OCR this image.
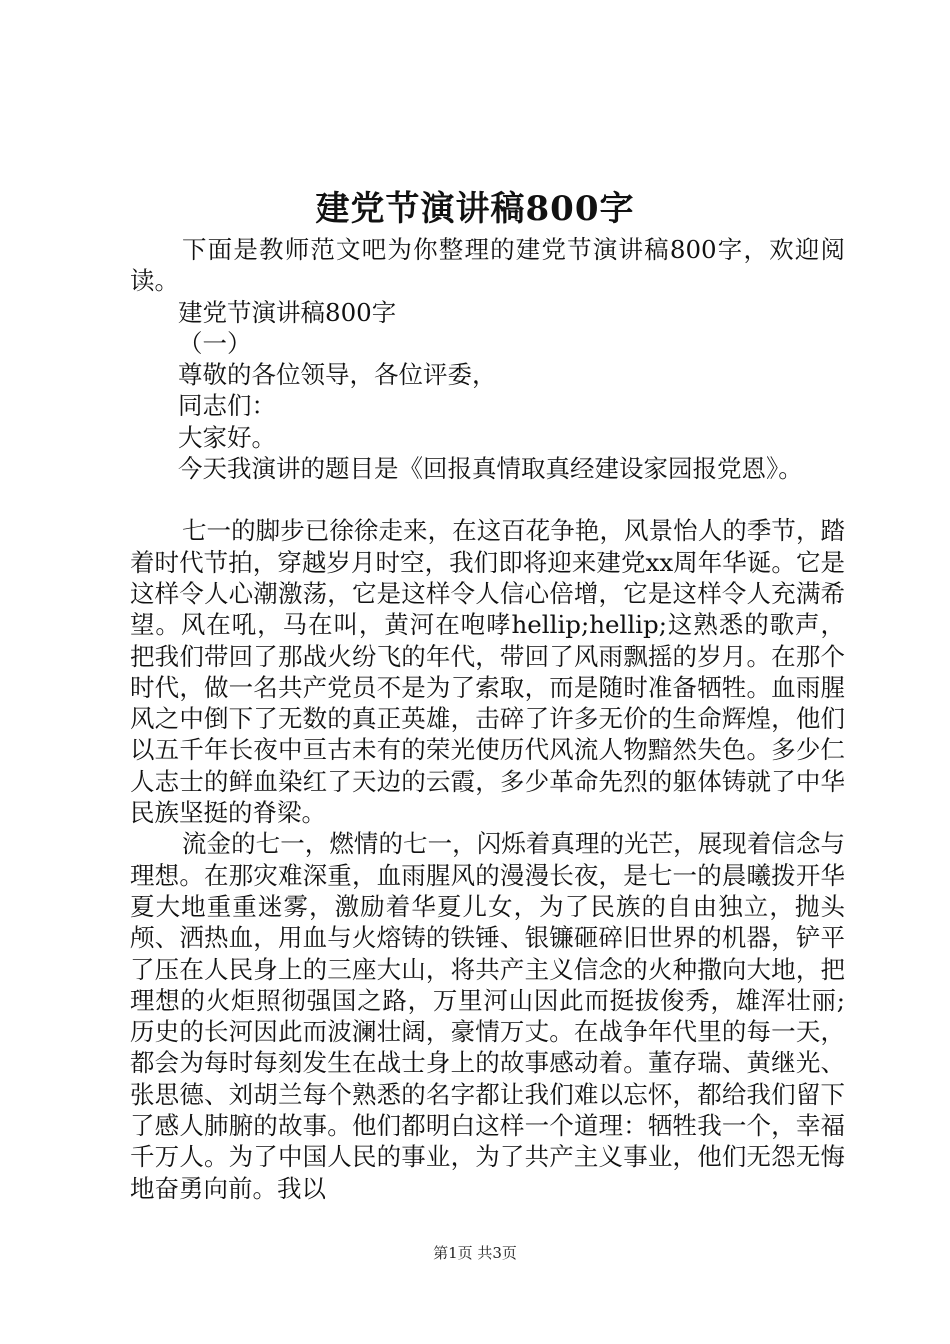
建党节演讲稿800字

下面是教师范文吧为你整理的建党节演讲稿800字，欢迎阅读。

建党节演讲稿800字

（一）

尊敬的各位领导，各位评委，

同志们：

大家好。

今天我演讲的题目是《回报真情取真经建设家园报党恩》。

七一的脚步已徐徐走来，在这百花争艳，风景怡人的季节，踏着时代节拍，穿越岁月时空，我们即将迎来建党xx周年华诞。它是这样令人心潮激荡，它是这样令人信心倍增，它是这样令人充满希望。风在吼，马在叫，黄河在咆哮hellip;hellip;这熟悉的歌声，把我们带回了那战火纷飞的年代，带回了风雨飘摇的岁月。在那个时代，做一名共产党员不是为了索取，而是随时准备牺牲。血雨腥风之中倒下了无数的真正英雄，击碎了许多无价的生命辉煌，他们以五千年长夜中亘古未有的荣光使历代风流人物黯然失色。多少仁人志士的鲜血染红了天边的云霞，多少革命先烈的躯体铸就了中华民族坚挺的脊梁。

流金的七一，燃情的七一，闪烁着真理的光芒，展现着信念与理想。在那灾难深重，血雨腥风的漫漫长夜，是七一的晨曦拨开华夏大地重重迷雾，激励着华夏儿女，为了民族的自由独立，抛头颅、洒热血，用血与火熔铸的铁锤、银镰砸碎旧世界的机器，铲平了压在人民身上的三座大山，将共产主义信念的火种撒向大地，把理想的火炬照彻强国之路，万里河山因此而挺拔俊秀，雄浑壮丽;历史的长河因此而波澜壮阔，豪情万丈。在战争年代里的每一天，都会为每时每刻发生在战士身上的故事感动着。董存瑞、黄继光、张思德、刘胡兰每个熟悉的名字都让我们难以忘怀，都给我们留下了感人肺腑的故事。他们都明白这样一个道理：牺牲我一个，幸福千万人。为了中国人民的事业，为了共产主义事业，他们无怨无悔地奋勇向前。我以

第1页 共3页
